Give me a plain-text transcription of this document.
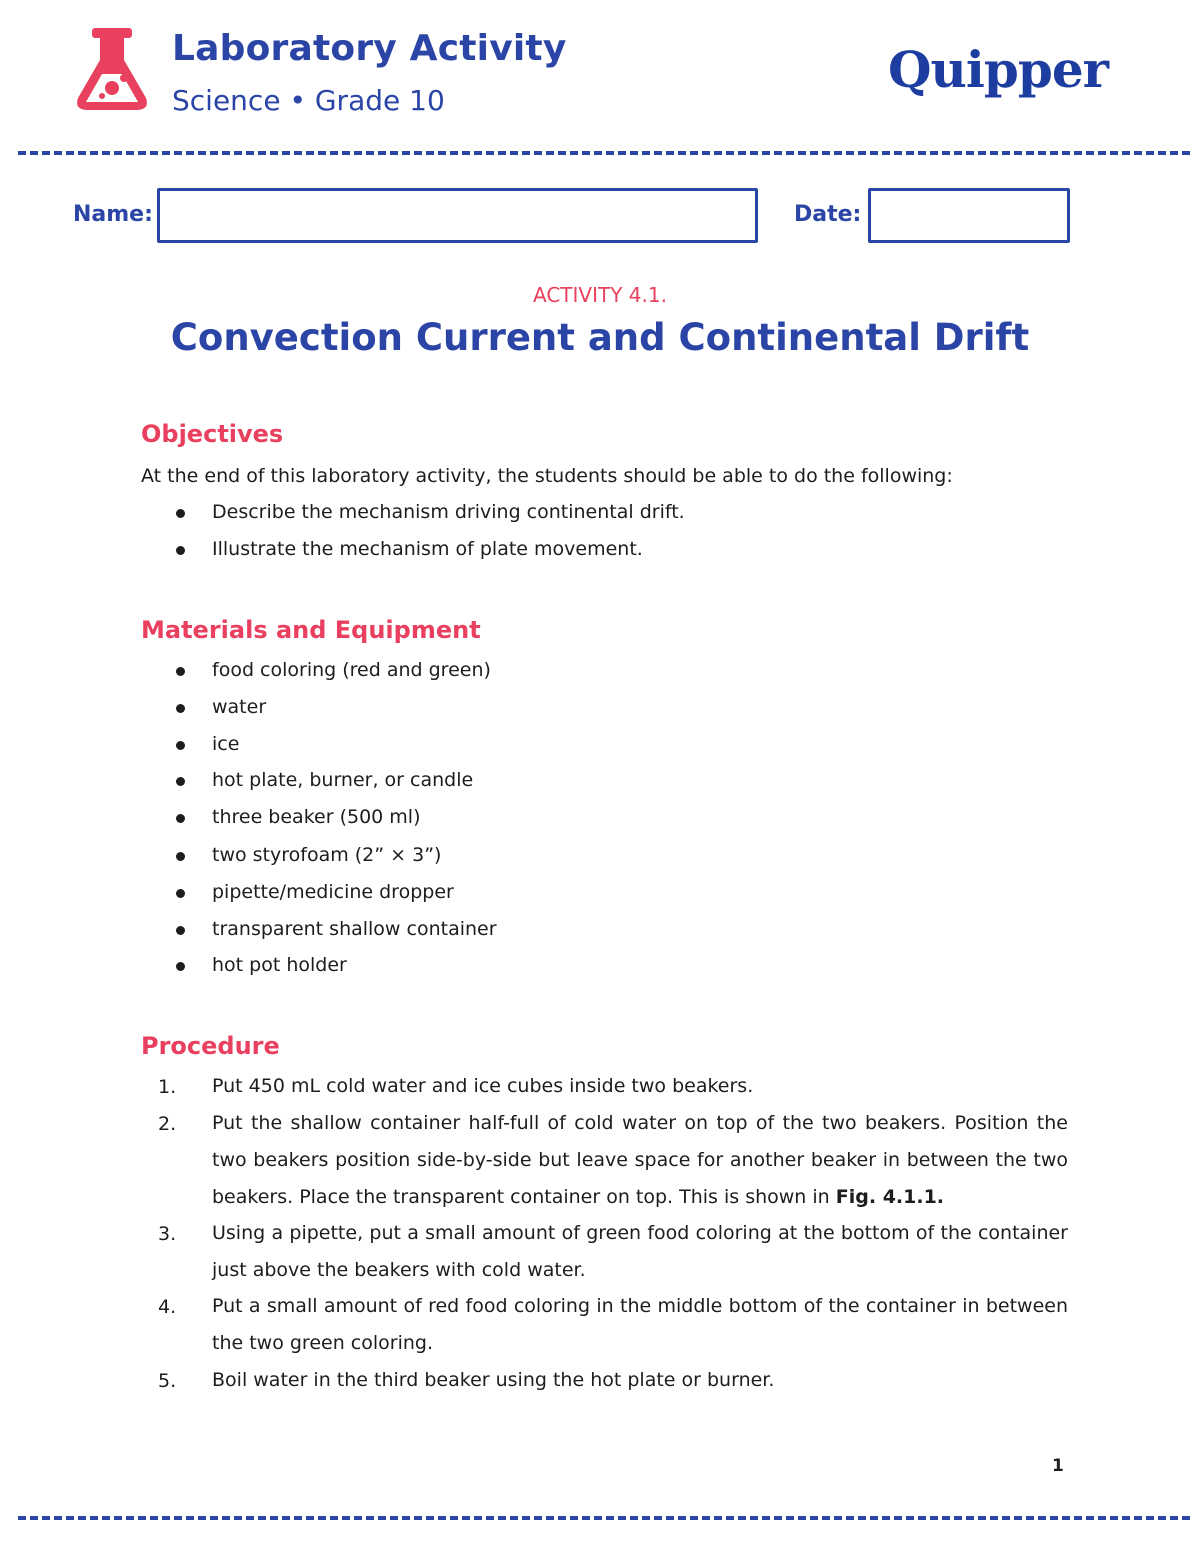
Laboratory Activity
Science • Grade 10
Quipper
Name:	Date:
ACTIVITY 4.1.
Convection Current and Continental Drift
Objectives
At the end of this laboratory activity, the students should be able to do the following:
Describe the mechanism driving continental drift.
Illustrate the mechanism of plate movement.
Materials and Equipment
food coloring (red and green)
water
ice
hot plate, burner, or candle
three beaker (500 ml)
two styrofoam (2” × 3”)
pipette/medicine dropper
transparent shallow container
hot pot holder
Procedure
1. Put 450 mL cold water and ice cubes inside two beakers.
2. Put the shallow container half-full of cold water on top of the two beakers. Position the two beakers position side-by-side but leave space for another beaker in between the two beakers. Place the transparent container on top. This is shown in Fig. 4.1.1.
3. Using a pipette, put a small amount of green food coloring at the bottom of the container just above the beakers with cold water.
4. Put a small amount of red food coloring in the middle bottom of the container in between the two green coloring.
5. Boil water in the third beaker using the hot plate or burner.
1
